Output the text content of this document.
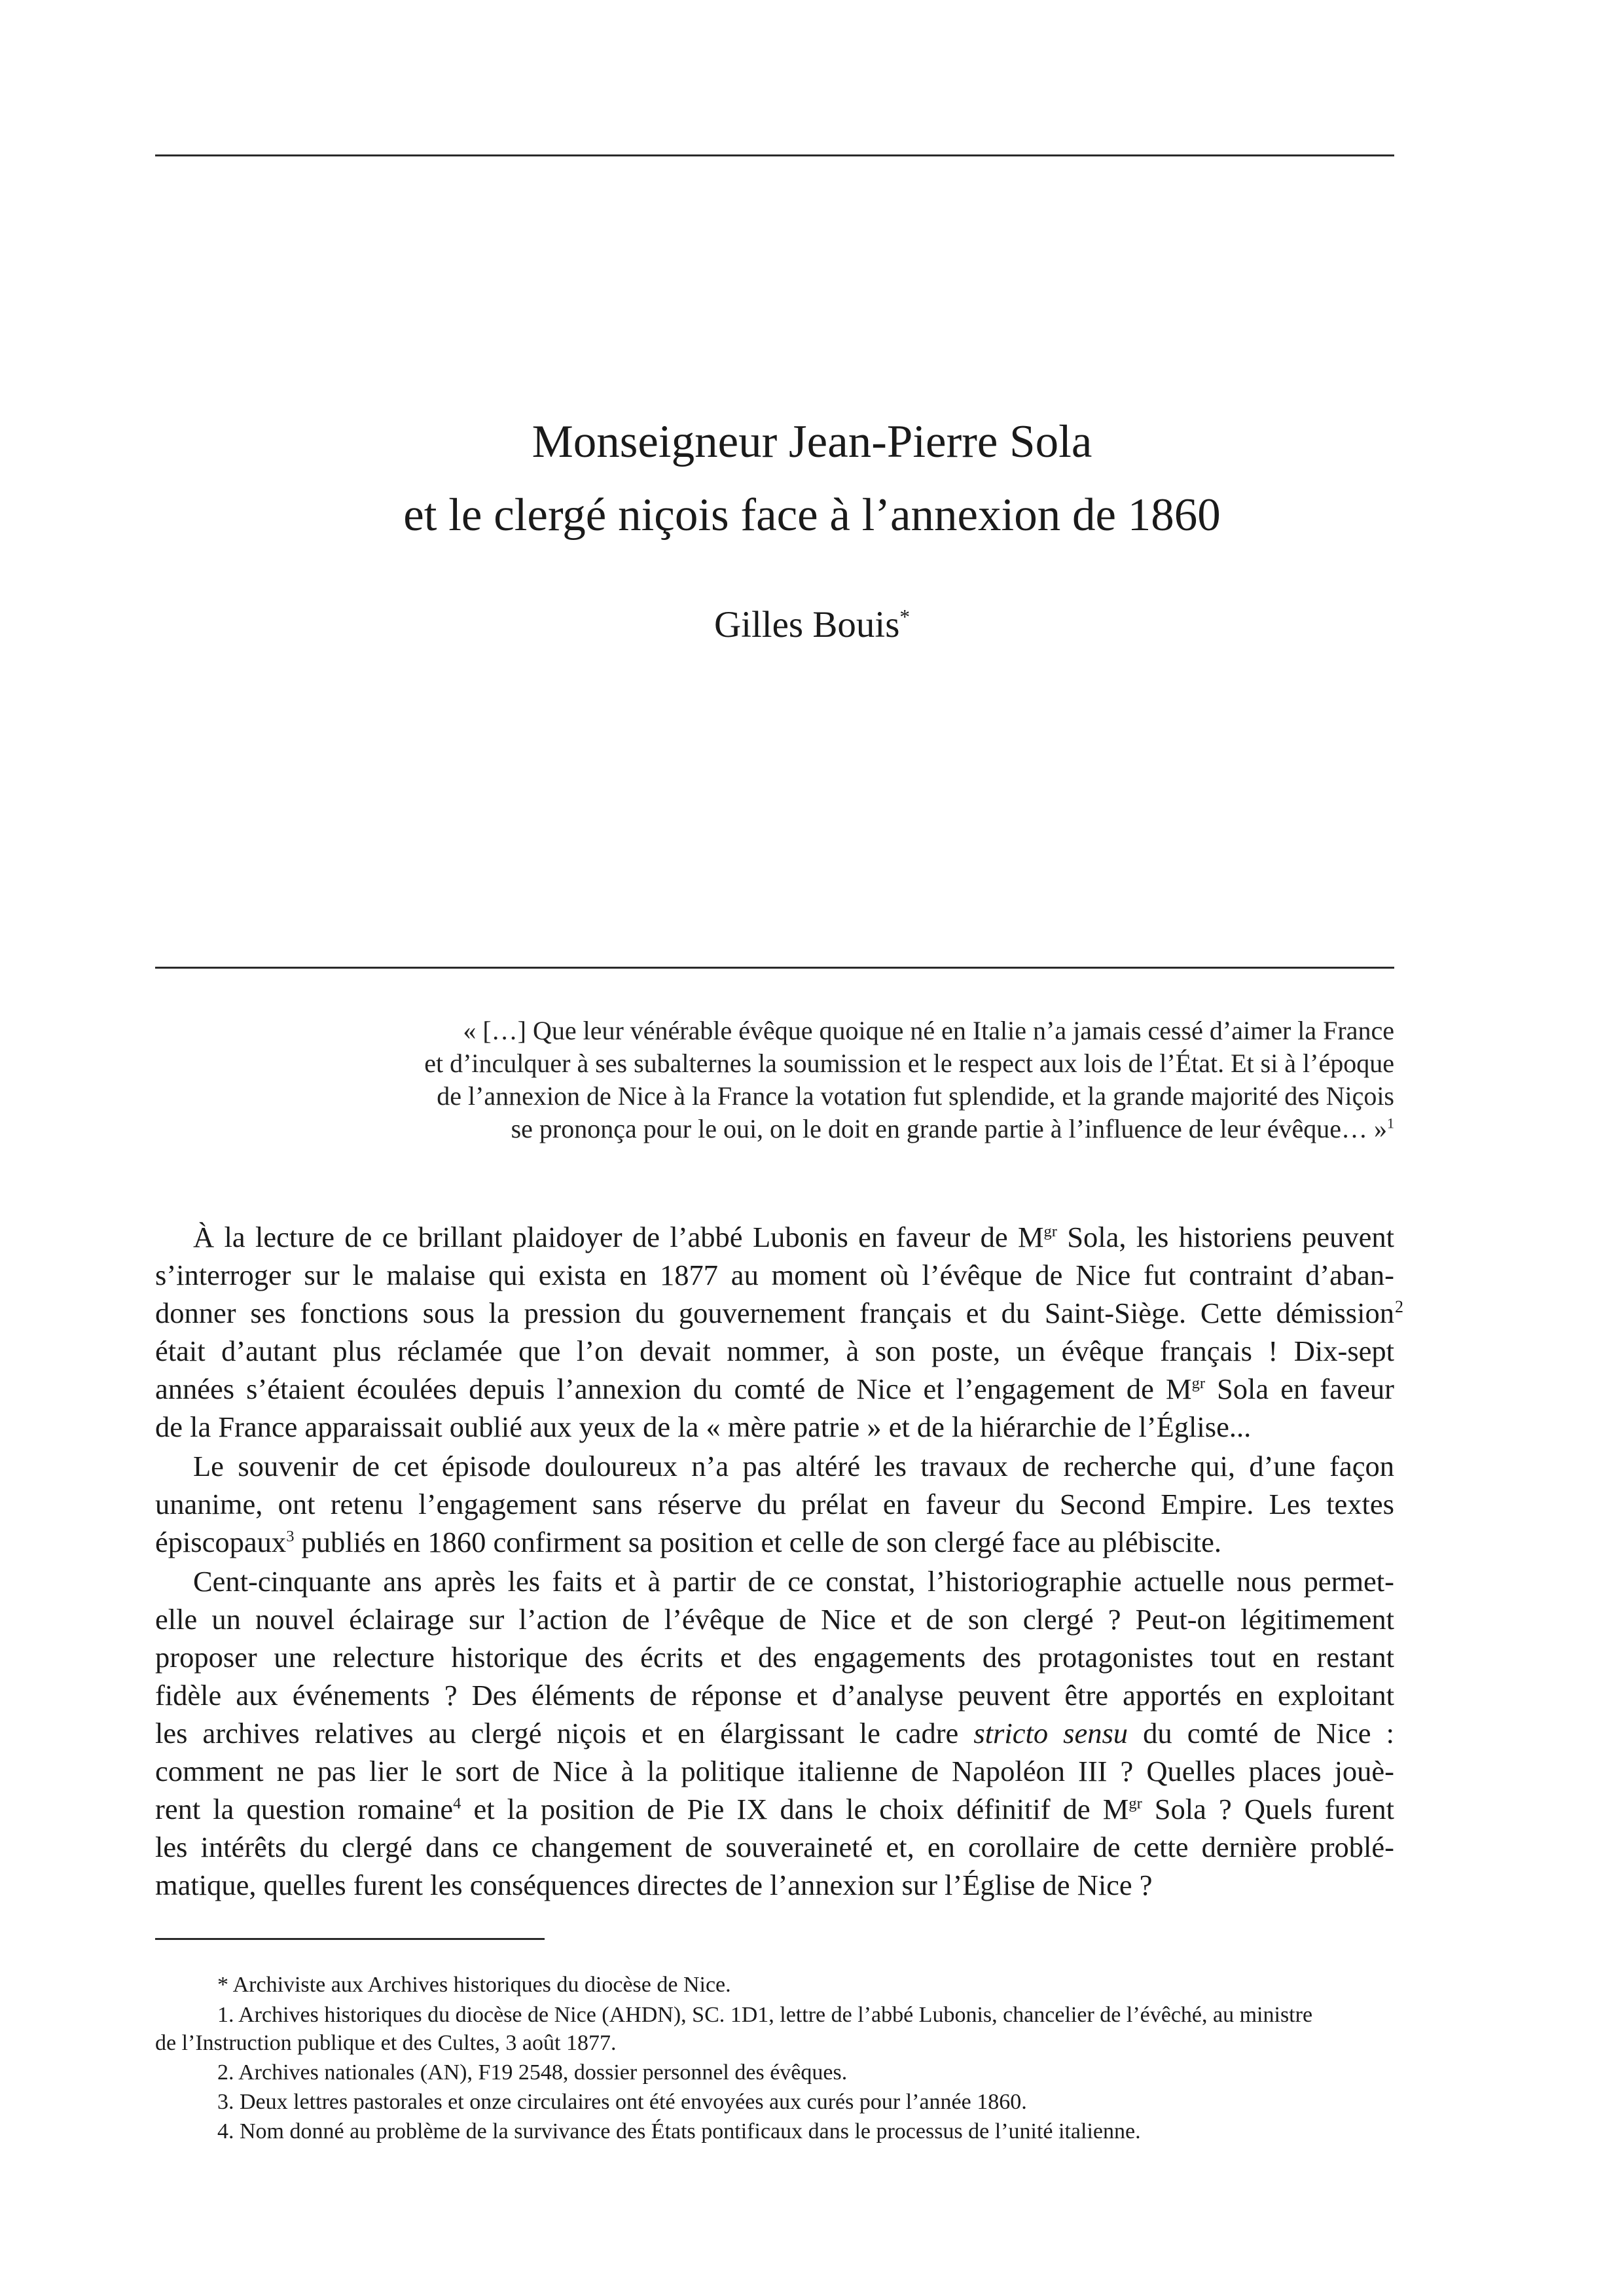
Monseigneur Jean-Pierre Sola
et le clergé niçois face à l’annexion de 1860
Gilles Bouis*
« […] Que leur vénérable évêque quoique né en Italie n’a jamais cessé d’aimer la France
et d’inculquer à ses subalternes la soumission et le respect aux lois de l’État. Et si à l’époque
de l’annexion de Nice à la France la votation fut splendide, et la grande majorité des Niçois
se prononça pour le oui, on le doit en grande partie à l’influence de leur évêque… »$^1$
À la lecture de ce brillant plaidoyer de l’abbé Lubonis en faveur de $M^{gr}$ Sola, les historiens peuvent
s’interroger sur le malaise qui exista en 1877 au moment où l’évêque de Nice fut contraint d’aban-
donner ses fonctions sous la pression du gouvernement français et du Saint-Siège. Cette démission
était d’autant plus réclamée que l’on devait nommer, à son poste, un évêque français ! Dix-sept
années s’étaient écoulées depuis l’annexion du comté de Nice et l’engagement de $M^{gr}$ Sola en faveur
de la France apparaissait oublié aux yeux de la « mère patrie » et de la hiérarchie de l’Église...
2
Le souvenir de cet épisode douloureux n’a pas altéré les travaux de recherche qui, d’une façon
unanime, ont retenu l’engagement sans réserve du prélat en faveur du Second Empire. Les textes
épiscopaux$^3$ publiés en 1860 confirment sa position et celle de son clergé face au plébiscite.
Cent-cinquante ans après les faits et à partir de ce constat, l’historiographie actuelle nous permet-
elle un nouvel éclairage sur l’action de l’évêque de Nice et de son clergé ? Peut-on légitimement
proposer une relecture historique des écrits et des engagements des protagonistes tout en restant
fidèle aux événements ? Des éléments de réponse et d’analyse peuvent être apportés en exploitant
les archives relatives au clergé niçois et en élargissant le cadre stricto sensu du comté de Nice :
comment ne pas lier le sort de Nice à la politique italienne de Napoléon III ? Quelles places jouè-
rent la question romaine$^4$ et la position de Pie IX dans le choix définitif de $M^{gr}$ Sola ? Quels furent
les intérêts du clergé dans ce changement de souveraineté et, en corollaire de cette dernière problé-
matique, quelles furent les conséquences directes de l’annexion sur l’Église de Nice ?
* Archiviste aux Archives historiques du diocèse de Nice.
1. Archives historiques du diocèse de Nice (AHDN), SC. 1D1, lettre de l’abbé Lubonis, chancelier de l’évêché, au ministre
de l’Instruction publique et des Cultes, 3 août 1877.
2. Archives nationales (AN), F19 2548, dossier personnel des évêques.
3. Deux lettres pastorales et onze circulaires ont été envoyées aux curés pour l’année 1860.
4. Nom donné au problème de la survivance des États pontificaux dans le processus de l’unité italienne.
